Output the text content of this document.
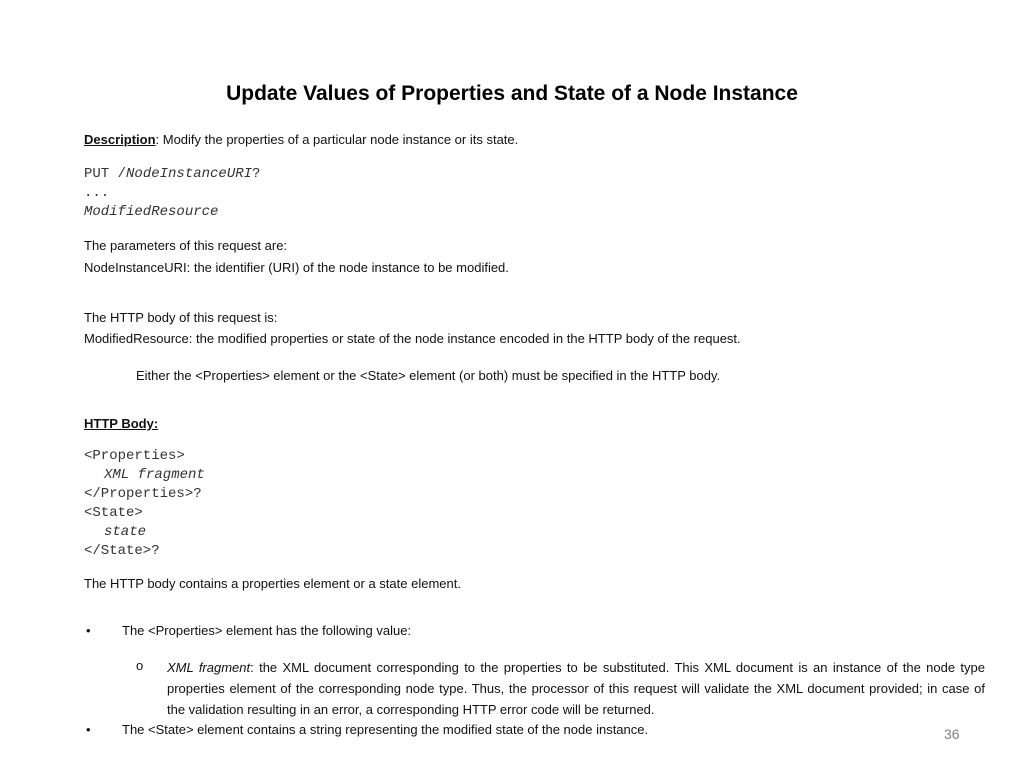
Update Values of Properties and State of a Node Instance
Description: Modify the properties of a particular node instance or its state.
PUT /NodeInstanceURI?
...
ModifiedResource
The parameters of this request are:
NodeInstanceURI: the identifier (URI) of the node instance to be modified.
The HTTP body of this request is:
ModifiedResource: the modified properties or state of the node instance encoded in the HTTP body of the request.
Either the <Properties> element or the <State> element (or both) must be specified in the HTTP body.
HTTP Body:
<Properties>
XML fragment
</Properties>?
<State>
state
</State>?
The HTTP body contains a properties element or a state element.
• The <Properties> element has the following value:
o XML fragment: the XML document corresponding to the properties to be substituted. This XML document is an instance of the node type properties element of the corresponding node type. Thus, the processor of this request will validate the XML document provided; in case of the validation resulting in an error, a corresponding HTTP error code will be returned.
• The <State> element contains a string representing the modified state of the node instance.	36
